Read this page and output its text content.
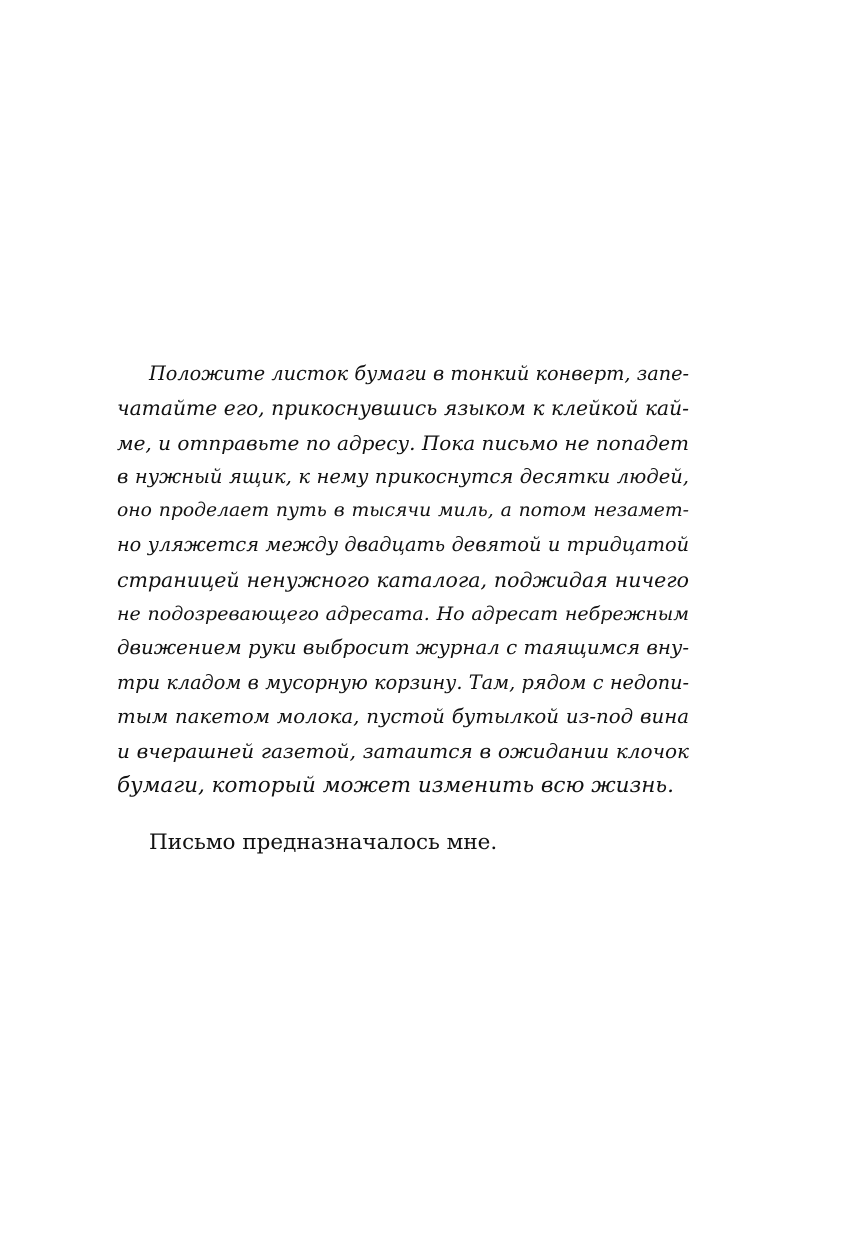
Положите листок бумаги в тонкий конверт, запе-
чатайте его, прикоснувшись языком к клейкой кай-
ме, и отправьте по адресу. Пока письмо не попадет
в нужный ящик, к нему прикоснутся десятки людей,
оно проделает путь в тысячи миль, а потом незамет-
но уляжется между двадцать девятой и тридцатой
страницей ненужного каталога, поджидая ничего
не подозревающего адресата. Но адресат небрежным
движением руки выбросит журнал с таящимся вну-
три кладом в мусорную корзину. Там, рядом с недопи-
тым пакетом молока, пустой бутылкой из-под вина
и вчерашней газетой, затаится в ожидании клочок
бумаги, который может изменить всю жизнь.
Письмо предназначалось мне.
